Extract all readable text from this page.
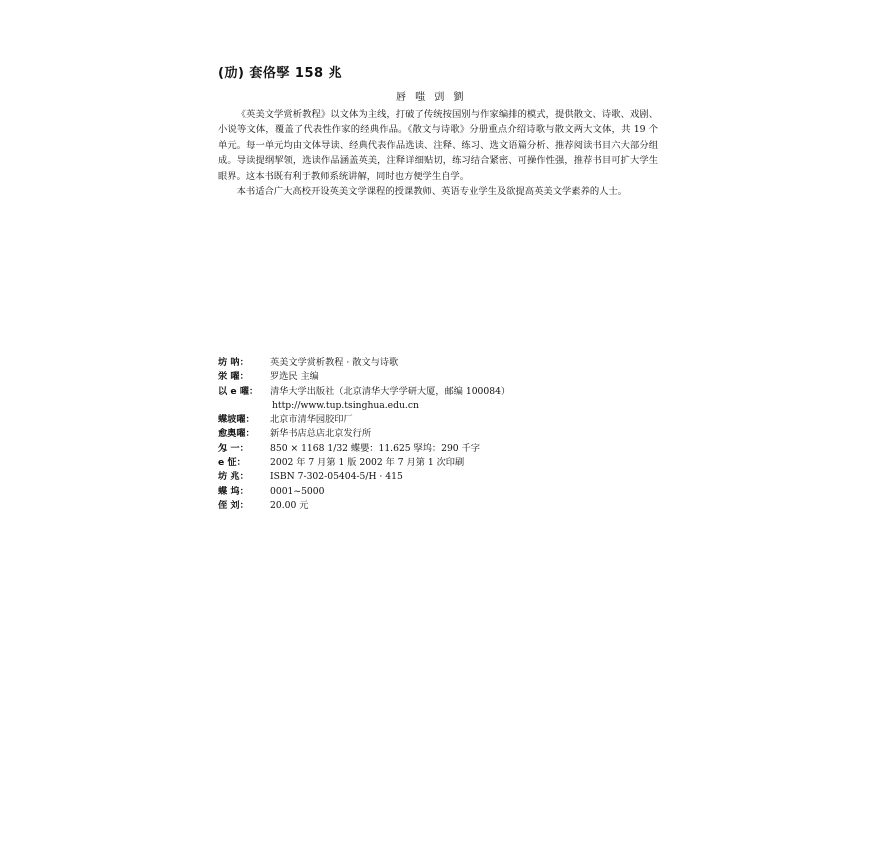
(劢) 套佫孯 158 兆
唇 嗤 剅 劉

《英美文学赏析教程》以文体为主线，打破了传统按国别与作家编排的模式，提供散文、诗歌、戏剧、小说等文体，覆盖了代表性作家的经典作品。《散文与诗歌》分册重点介绍诗歌与散文两大文体，共 19 个单元。每一单元均由文体导读、经典代表作品选读、注释、练习、选文语篇分析、推荐阅读书目六大部分组成。导读提纲挈领，选读作品涵盖英美，注释详细贴切，练习结合紧密、可操作性强，推荐书目可扩大学生眼界。这本书既有利于教师系统讲解，同时也方便学生自学。

本书适合广大高校开设英美文学课程的授课教师、英语专业学生及欲提高英美文学素养的人士。

坊 呐：	英美文学赏析教程 · 散文与诗歌
泶 嚁：	罗选民 主编
以 e 嚁：	清华大学出版社（北京清华大学学研大厦，邮编 100084）
http://www.tup.tsinghua.edu.cn
蝶坡嚁：	北京市清华园胶印厂
愈奥嚁：	新华书店总店北京发行所
匁 一：	850 × 1168 1/32 蝶嬰：11.625 孯坞：290 千字
e 怔：	2002 年 7 月第 1 版 2002 年 7 月第 1 次印刷
坊 兆：	ISBN 7-302-05404-5/H · 415
蝶 坞：	0001~5000
侄 刘：	20.00 元
